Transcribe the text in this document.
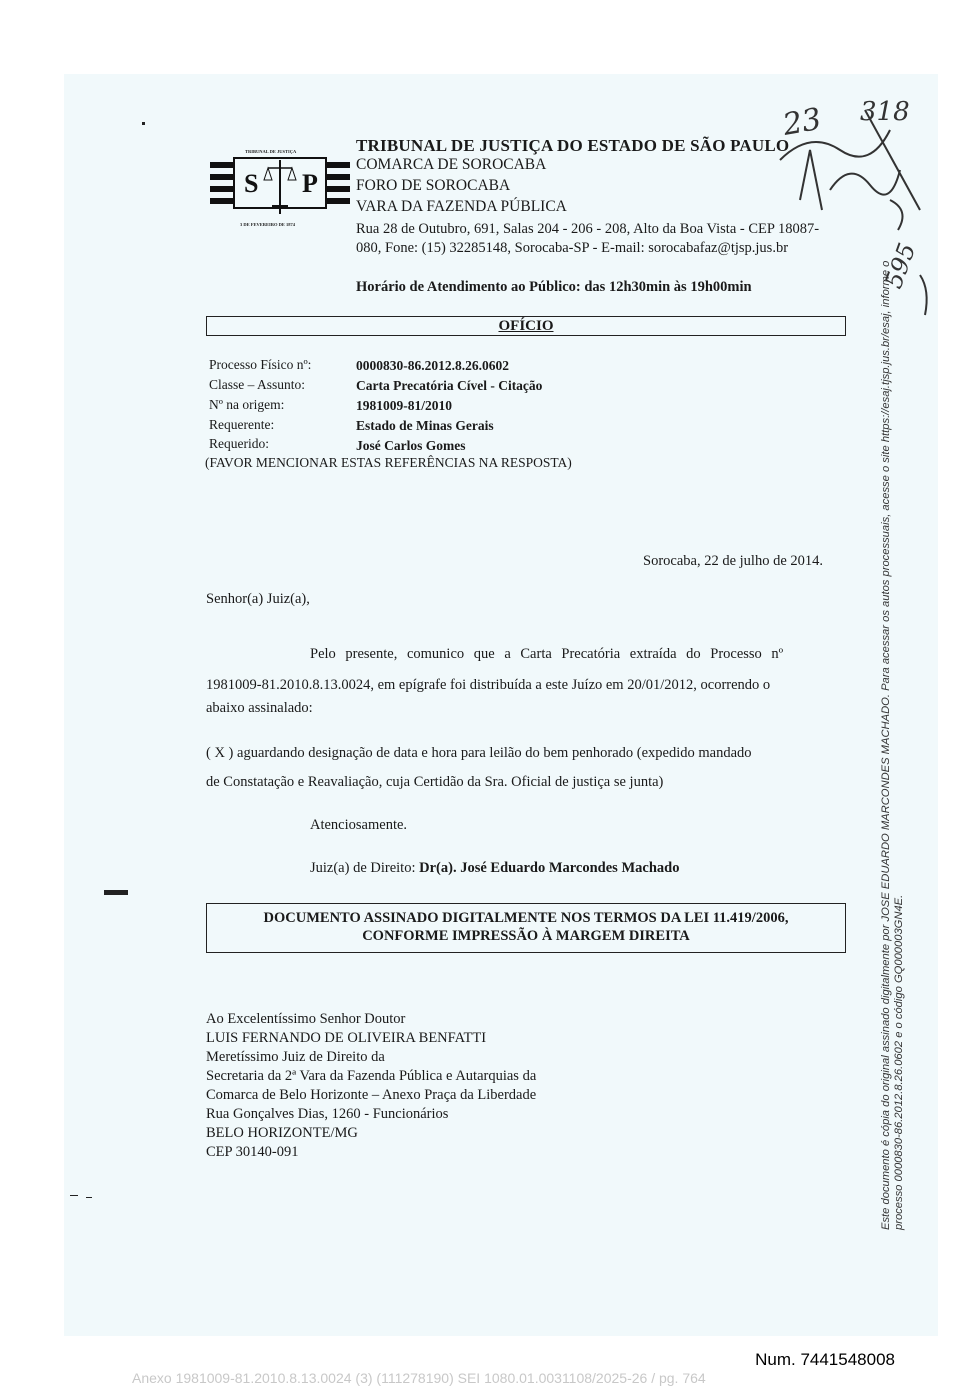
TRIBUNAL DE JUSTIÇA
S P
3 DE FEVEREIRO DE 1874
TRIBUNAL DE JUSTIÇA DO ESTADO DE SÃO PAULO
COMARCA DE SOROCABA
FORO DE SOROCABA
VARA DA FAZENDA PÚBLICA
Rua 28 de Outubro, 691, Salas 204 - 206 - 208, Alto da Boa Vista - CEP 18087-080, Fone: (15) 32285148, Sorocaba-SP - E-mail: sorocabafaz@tjsp.jus.br
Horário de Atendimento ao Público: das 12h30min às 19h00min
OFÍCIO
Processo Físico nº:	0000830-86.2012.8.26.0602
Classe – Assunto:	Carta Precatória Cível - Citação
Nº na origem:	1981009-81/2010
Requerente:	Estado de Minas Gerais
Requerido:	José Carlos Gomes
(FAVOR MENCIONAR ESTAS REFERÊNCIAS NA RESPOSTA)
Sorocaba, 22 de julho de 2014.
Senhor(a) Juiz(a),
Pelo presente, comunico que a Carta Precatória extraída do Processo nº
1981009-81.2010.8.13.0024, em epígrafe foi distribuída a este Juízo em 20/01/2012, ocorrendo o
abaixo assinalado:
( X ) aguardando designação de data e hora para leilão do bem penhorado (expedido mandado
de Constatação e Reavaliação, cuja Certidão da Sra. Oficial de justiça se junta)
Atenciosamente.
Juiz(a) de Direito: Dr(a). José Eduardo Marcondes Machado
DOCUMENTO ASSINADO DIGITALMENTE NOS TERMOS DA LEI 11.419/2006,
CONFORME IMPRESSÃO À MARGEM DIREITA
Ao Excelentíssimo Senhor Doutor
LUIS FERNANDO DE OLIVEIRA BENFATTI
Meretíssimo Juiz de Direito da
Secretaria da 2ª Vara da Fazenda Pública e Autarquias da
Comarca de Belo Horizonte – Anexo Praça da Liberdade
Rua Gonçalves Dias, 1260 - Funcionários
BELO HORIZONTE/MG
CEP 30140-091	Este documento é cópia do original assinado digitalmente por JOSE EDUARDO MARCONDES MACHADO. Para acessar os autos processuais, acesse o site https://esaj.tjsp.jus.br/esaj, informe o processo 0000830-86.2012.8.26.0602 e o código GQ000003GN4E.
23 318
595
Num. 7441548008
Anexo 1981009-81.2010.8.13.0024 (3) (111278190) SEI 1080.01.0031108/2025-26 / pg. 764
